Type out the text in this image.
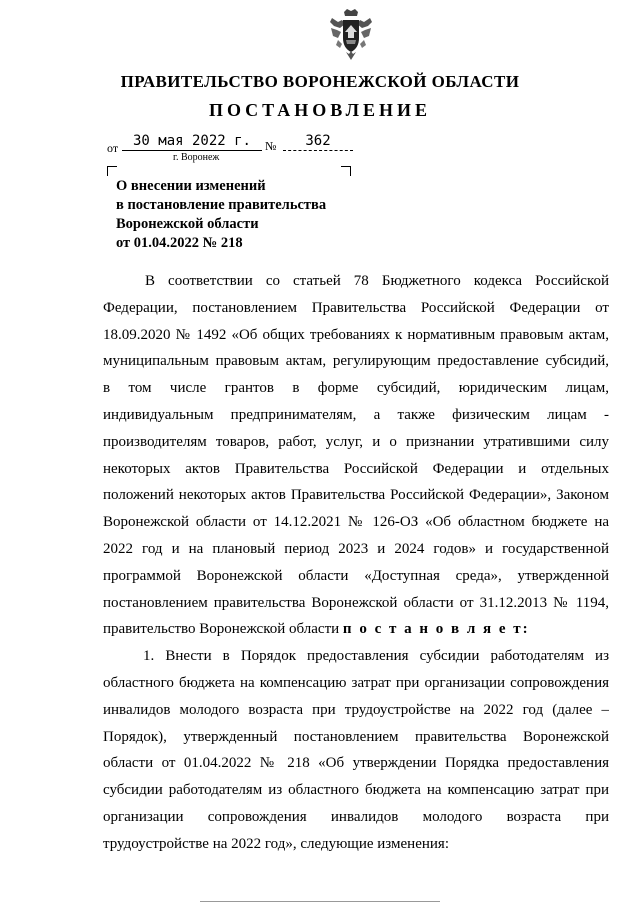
ПРАВИТЕЛЬСТВО ВОРОНЕЖСКОЙ ОБЛАСТИ
ПОСТАНОВЛЕНИЕ
от	30 мая 2022 г.	№	362
г. Воронеж
О внесении изменений
в постановление правительства
Воронежской области
от 01.04.2022 № 218
В соответствии со статьей 78 Бюджетного кодекса Российской
Федерации, постановлением Правительства Российской Федерации от
18.09.2020 № 1492 «Об общих требованиях к нормативным правовым актам,
муниципальным правовым актам, регулирующим предоставление субсидий,
в том числе грантов в форме субсидий, юридическим лицам,
индивидуальным предпринимателям, а также физическим лицам -
производителям товаров, работ, услуг, и о признании утратившими силу
некоторых актов Правительства Российской Федерации и отдельных
положений некоторых актов Правительства Российской Федерации», Законом
Воронежской области от 14.12.2021 № 126-ОЗ «Об областном бюджете на
2022 год и на плановый период 2023 и 2024 годов» и государственной
программой Воронежской области «Доступная среда», утвержденной
постановлением правительства Воронежской области от 31.12.2013 № 1194,
правительство Воронежской области п о с т а н о в л я е т:
1. Внести в Порядок предоставления субсидии работодателям из
областного бюджета на компенсацию затрат при организации сопровождения
инвалидов молодого возраста при трудоустройстве на 2022 год (далее –
Порядок), утвержденный постановлением правительства Воронежской
области от 01.04.2022 № 218 «Об утверждении Порядка предоставления
субсидии работодателям из областного бюджета на компенсацию затрат при
организации сопровождения инвалидов молодого возраста при
трудоустройстве на 2022 год», следующие изменения:
